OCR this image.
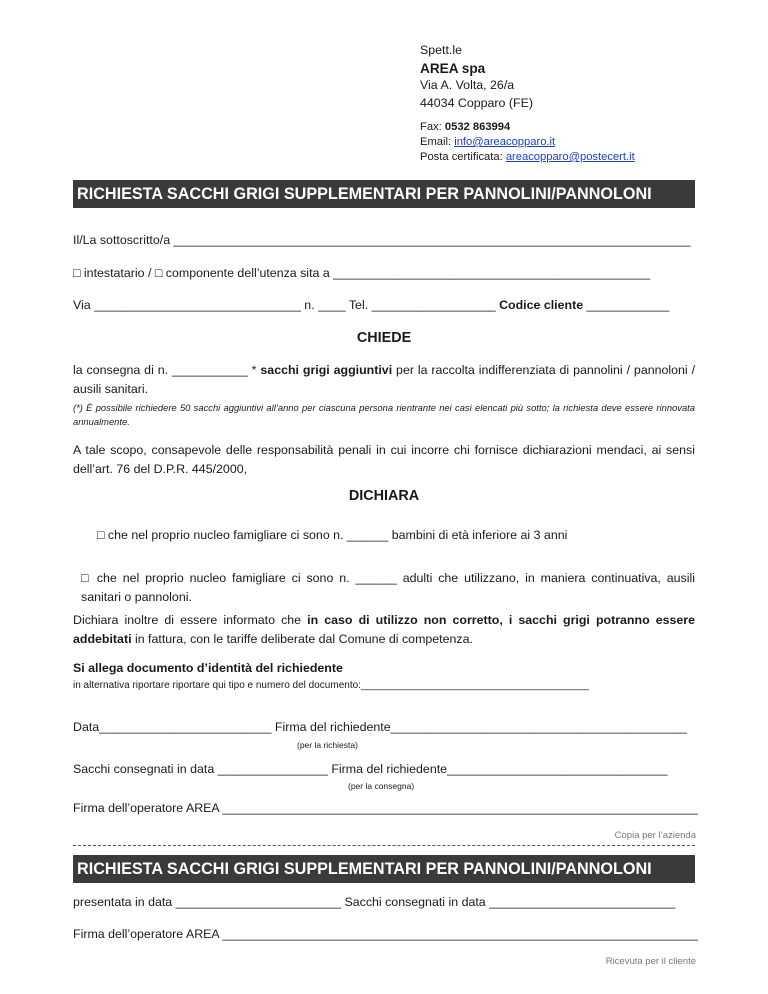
Spett.le
AREA spa
Via A. Volta, 26/a
44034 Copparo (FE)
Fax: 0532 863994
Email: info@areacopparo.it
Posta certificata: areacopparo@postecert.it
RICHIESTA SACCHI GRIGI SUPPLEMENTARI PER PANNOLINI/PANNOLONI
Il/La sottoscritto/a ___________________________________________________________________________
□ intestatario / □ componente dell’utenza sita a ______________________________________________
Via ______________________________ n. ____ Tel. __________________ Codice cliente ____________
CHIEDE
la consegna di n. ___________ * sacchi grigi aggiuntivi per la raccolta indifferenziata di pannolini / pannoloni / ausili sanitari.
(*) È possibile richiedere 50 sacchi aggiuntivi all’anno per ciascuna persona rientrante nei casi elencati più sotto; la richiesta deve essere rinnovata annualmente.
A tale scopo, consapevole delle responsabilità penali in cui incorre chi fornisce dichiarazioni mendaci, ai sensi dell’art. 76 del D.P.R. 445/2000,
DICHIARA
□ che nel proprio nucleo famigliare ci sono n. ______ bambini di età inferiore ai 3 anni
□ che nel proprio nucleo famigliare ci sono n. ______ adulti che utilizzano, in maniera continuativa, ausili sanitari o pannoloni.
Dichiara inoltre di essere informato che in caso di utilizzo non corretto, i sacchi grigi potranno essere addebitati in fattura, con le tariffe deliberate dal Comune di competenza.
Si allega documento d’identità del richiedente
in alternativa riportare riportare qui tipo e numero del documento:_________________________________________
Data_________________________ Firma del richiedente___________________________________________
(per la richiesta)
Sacchi consegnati in data ________________ Firma del richiedente________________________________
(per la consegna)
Firma dell’operatore AREA _____________________________________________________________________
Copia per l’azienda
RICHIESTA SACCHI GRIGI SUPPLEMENTARI PER PANNOLINI/PANNOLONI
presentata in data ________________________ Sacchi consegnati in data ___________________________
Firma dell’operatore AREA _____________________________________________________________________
Ricevuta per il cliente
